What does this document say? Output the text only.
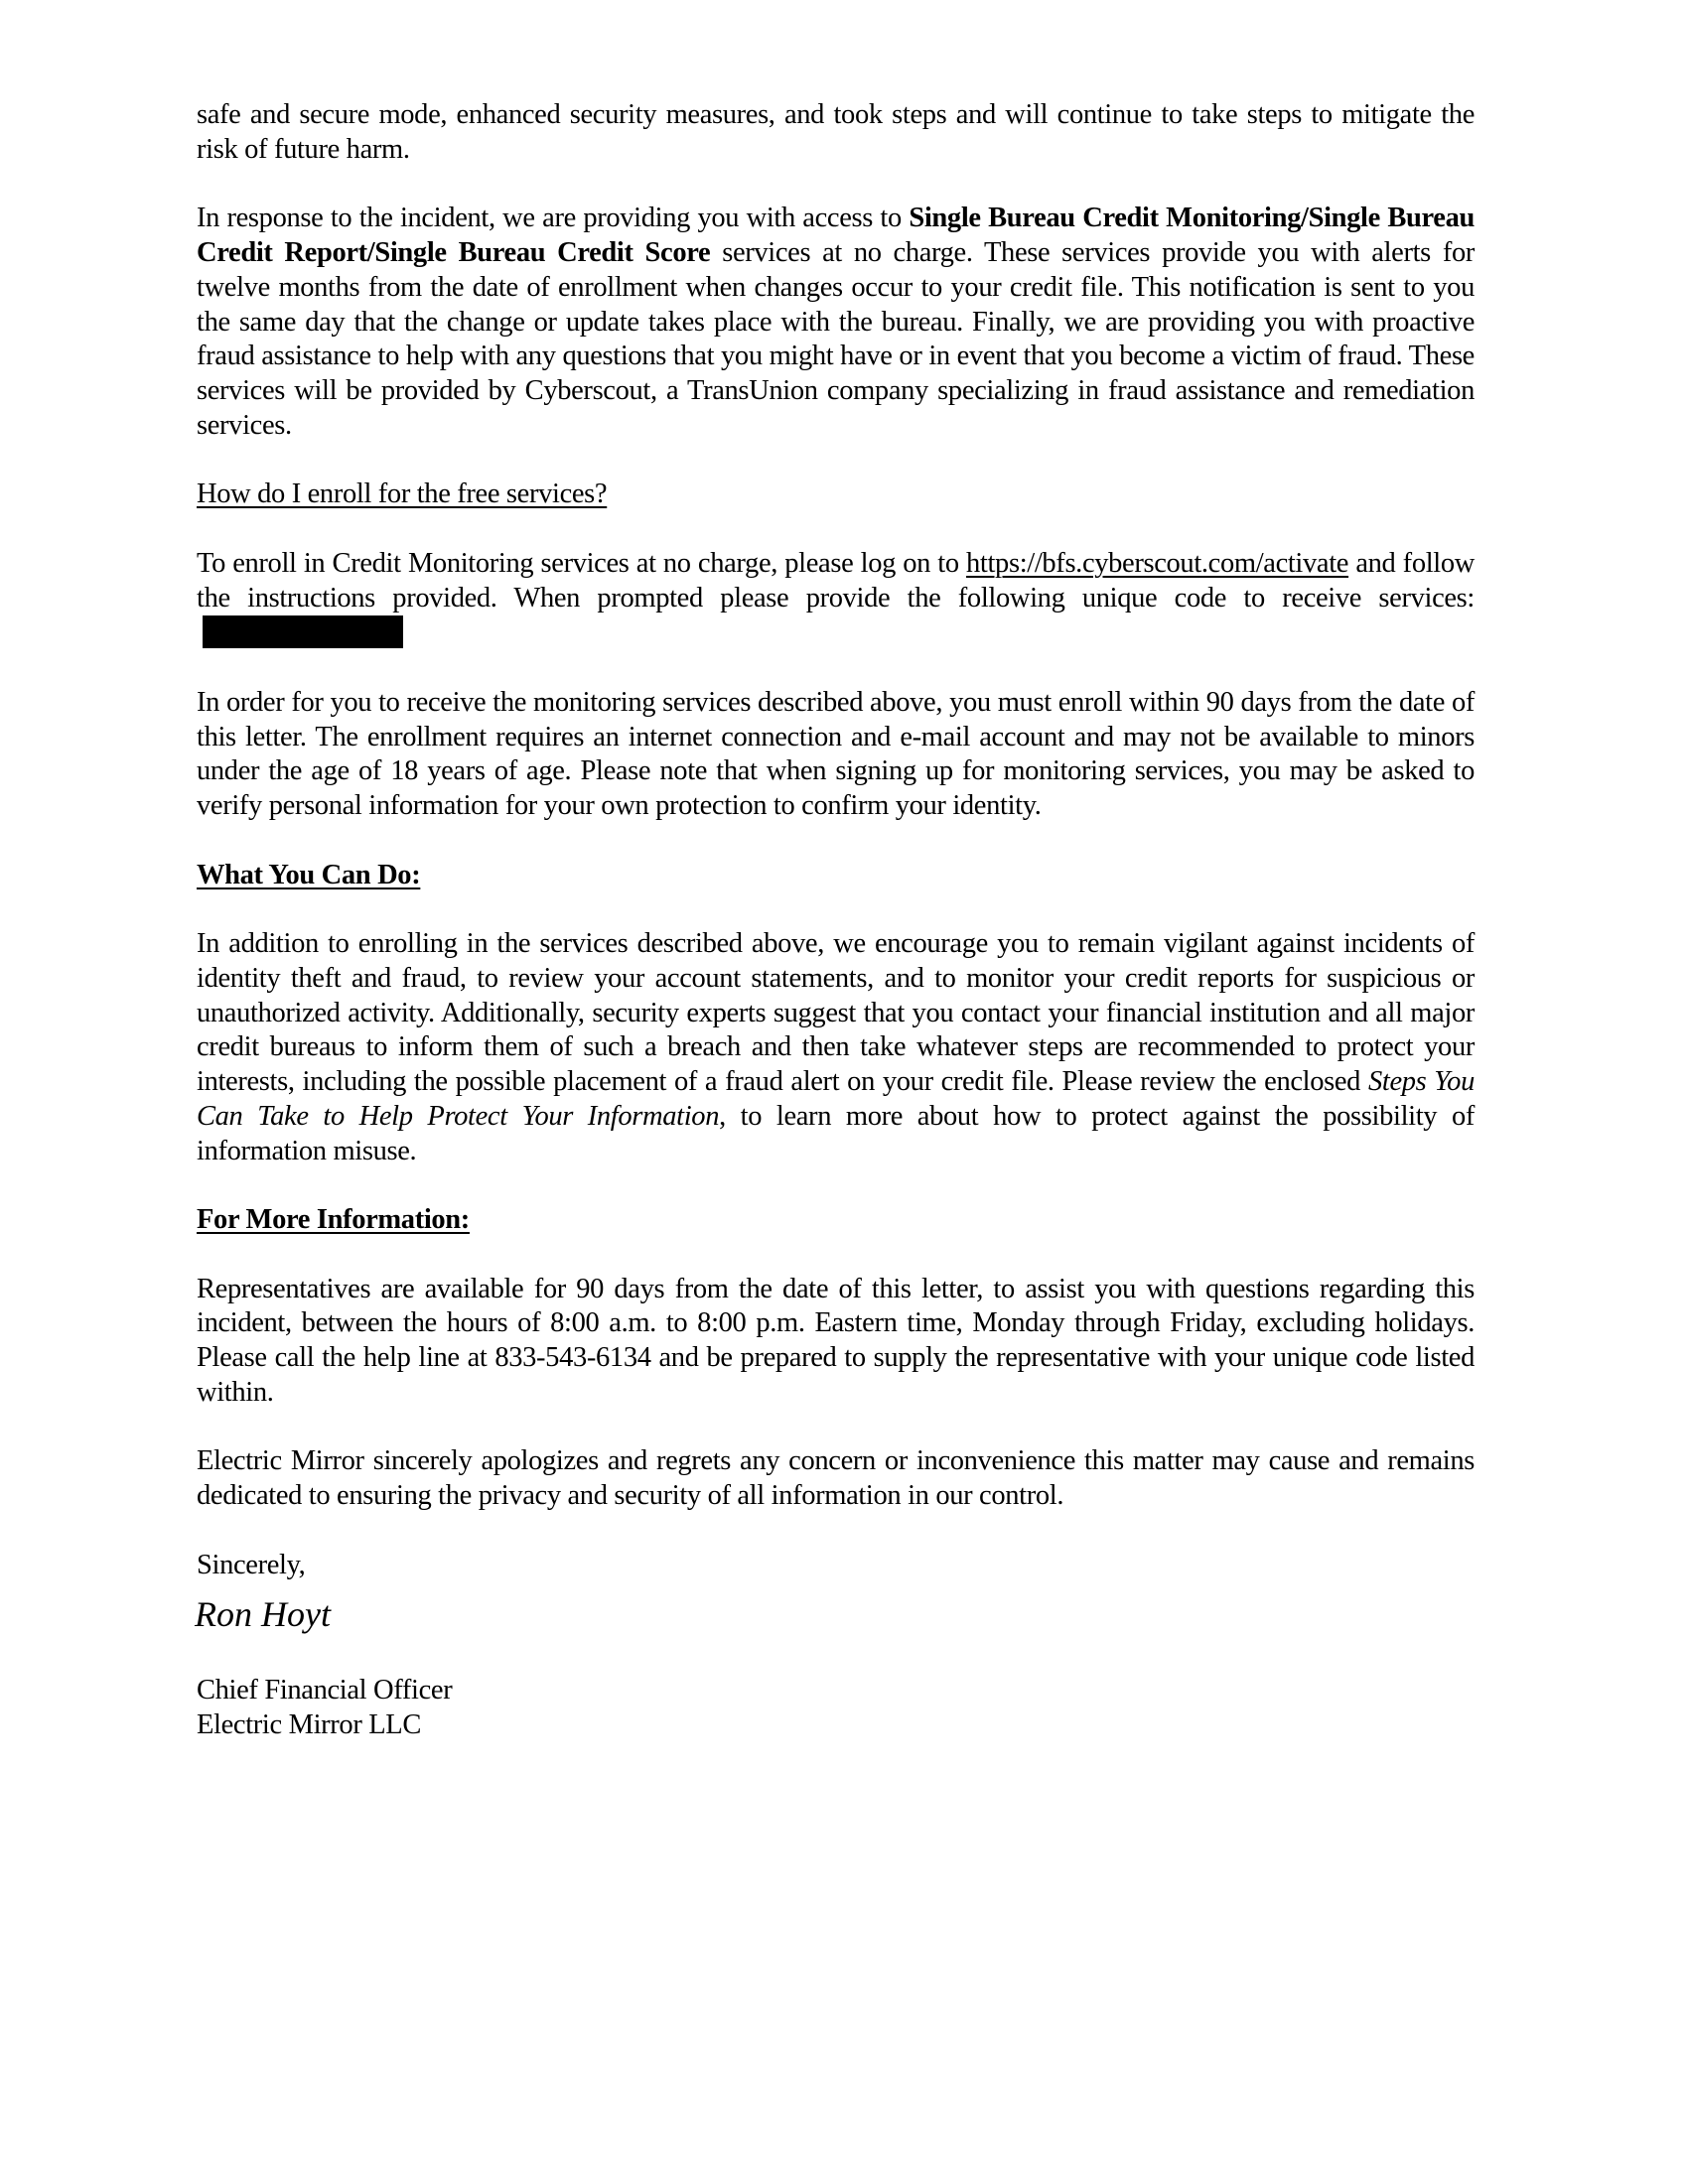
safe and secure mode, enhanced security measures, and took steps and will continue to take steps to mitigate the risk of future harm.

In response to the incident, we are providing you with access to Single Bureau Credit Monitoring/Single Bureau Credit Report/Single Bureau Credit Score services at no charge. These services provide you with alerts for twelve months from the date of enrollment when changes occur to your credit file. This notification is sent to you the same day that the change or update takes place with the bureau. Finally, we are providing you with proactive fraud assistance to help with any questions that you might have or in event that you become a victim of fraud. These services will be provided by Cyberscout, a TransUnion company specializing in fraud assistance and remediation services.

How do I enroll for the free services?

To enroll in Credit Monitoring services at no charge, please log on to https://bfs.cyberscout.com/activate and follow the instructions provided. When prompted please provide the following unique code to receive services:

In order for you to receive the monitoring services described above, you must enroll within 90 days from the date of this letter. The enrollment requires an internet connection and e-mail account and may not be available to minors under the age of 18 years of age. Please note that when signing up for monitoring services, you may be asked to verify personal information for your own protection to confirm your identity.

What You Can Do:

In addition to enrolling in the services described above, we encourage you to remain vigilant against incidents of identity theft and fraud, to review your account statements, and to monitor your credit reports for suspicious or unauthorized activity. Additionally, security experts suggest that you contact your financial institution and all major credit bureaus to inform them of such a breach and then take whatever steps are recommended to protect your interests, including the possible placement of a fraud alert on your credit file. Please review the enclosed Steps You Can Take to Help Protect Your Information, to learn more about how to protect against the possibility of information misuse.

For More Information:

Representatives are available for 90 days from the date of this letter, to assist you with questions regarding this incident, between the hours of 8:00 a.m. to 8:00 p.m. Eastern time, Monday through Friday, excluding holidays. Please call the help line at 833-543-6134 and be prepared to supply the representative with your unique code listed within.

Electric Mirror sincerely apologizes and regrets any concern or inconvenience this matter may cause and remains dedicated to ensuring the privacy and security of all information in our control.

Sincerely,

Ron Hoyt

Chief Financial Officer

Electric Mirror LLC
